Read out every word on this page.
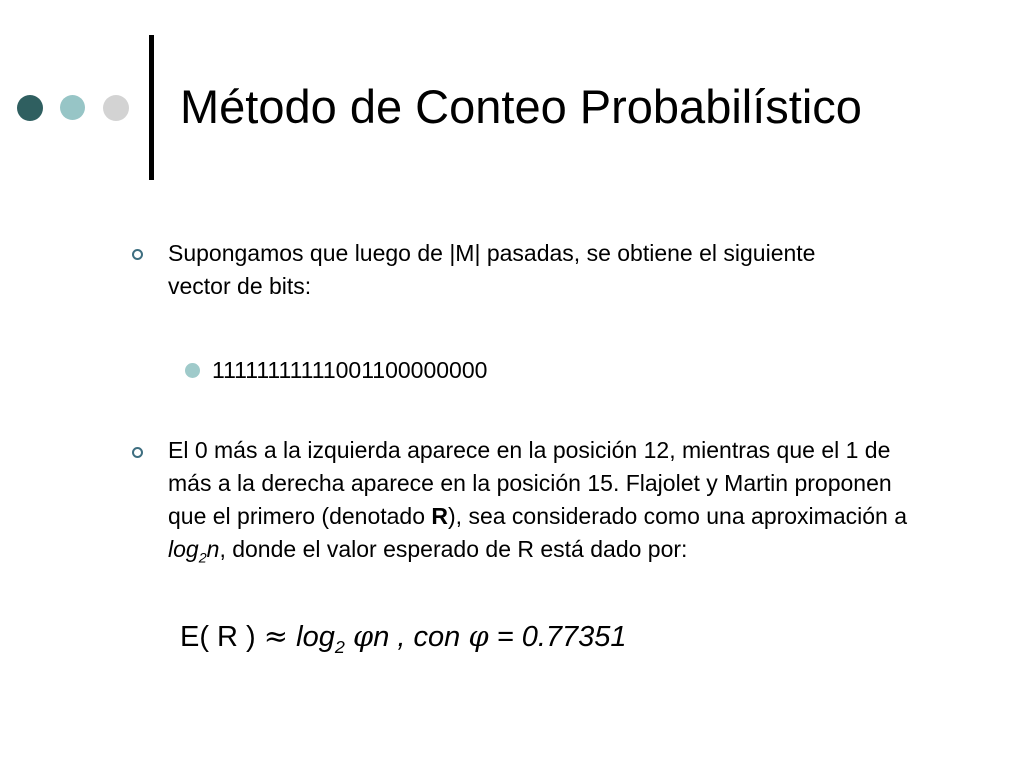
Método de Conteo Probabilístico
Supongamos que luego de |M| pasadas, se obtiene el siguiente vector de bits:
11111111111001100000000
El 0 más a la izquierda aparece en la posición 12, mientras que el 1 de más a la derecha aparece en la posición 15. Flajolet y Martin proponen que el primero (denotado R), sea considerado como una aproximación a $\log_2n$, donde el valor esperado de R está dado por:
E( R ) ≈ $\log_2 \varphi n$ , con φ = 0.77351
